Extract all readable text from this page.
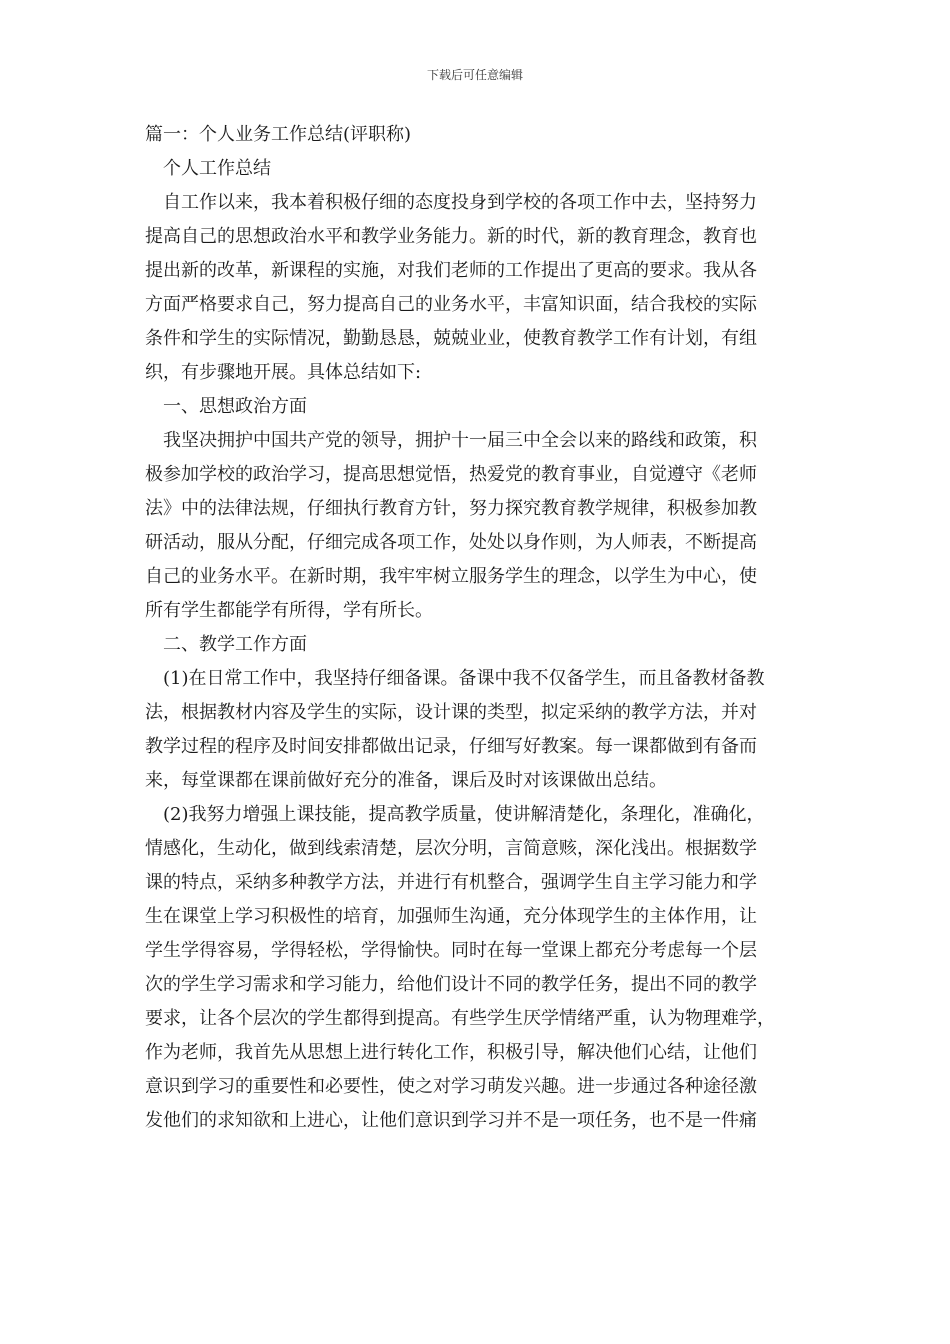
下载后可任意编辑
篇一：个人业务工作总结(评职称)
个人工作总结
自工作以来，我本着积极仔细的态度投身到学校的各项工作中去，坚持努力
提高自己的思想政治水平和教学业务能力。新的时代，新的教育理念，教育也
提出新的改革，新课程的实施，对我们老师的工作提出了更高的要求。我从各
方面严格要求自己，努力提高自己的业务水平，丰富知识面，结合我校的实际
条件和学生的实际情况，勤勤恳恳，兢兢业业，使教育教学工作有计划，有组
织，有步骤地开展。具体总结如下:
一、思想政治方面
我坚决拥护中国共产党的领导，拥护十一届三中全会以来的路线和政策，积
极参加学校的政治学习，提高思想觉悟，热爱党的教育事业，自觉遵守《老师
法》中的法律法规，仔细执行教育方针，努力探究教育教学规律，积极参加教
研活动，服从分配，仔细完成各项工作，处处以身作则，为人师表，不断提高
自己的业务水平。在新时期，我牢牢树立服务学生的理念，以学生为中心，使
所有学生都能学有所得，学有所长。
二、教学工作方面
(1)在日常工作中，我坚持仔细备课。备课中我不仅备学生，而且备教材备教
法，根据教材内容及学生的实际，设计课的类型，拟定采纳的教学方法，并对
教学过程的程序及时间安排都做出记录，仔细写好教案。每一课都做到有备而
来，每堂课都在课前做好充分的准备，课后及时对该课做出总结。
(2)我努力增强上课技能，提高教学质量，使讲解清楚化，条理化，准确化，
情感化，生动化，做到线索清楚，层次分明，言简意赅，深化浅出。根据数学
课的特点，采纳多种教学方法，并进行有机整合，强调学生自主学习能力和学
生在课堂上学习积极性的培育，加强师生沟通，充分体现学生的主体作用，让
学生学得容易，学得轻松，学得愉快。同时在每一堂课上都充分考虑每一个层
次的学生学习需求和学习能力，给他们设计不同的教学任务，提出不同的教学
要求，让各个层次的学生都得到提高。有些学生厌学情绪严重，认为物理难学，
作为老师，我首先从思想上进行转化工作，积极引导，解决他们心结，让他们
意识到学习的重要性和必要性，使之对学习萌发兴趣。进一步通过各种途径激
发他们的求知欲和上进心，让他们意识到学习并不是一项任务，也不是一件痛
